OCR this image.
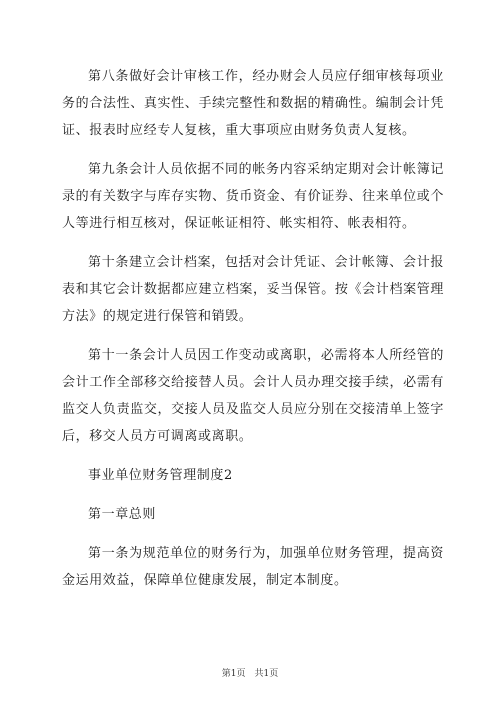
第八条做好会计审核工作，经办财会人员应仔细审核每项业务的合法性、真实性、手续完整性和数据的精确性。编制会计凭证、报表时应经专人复核，重大事项应由财务负责人复核。

第九条会计人员依据不同的帐务内容采纳定期对会计帐簿记录的有关数字与库存实物、货币资金、有价证券、往来单位或个人等进行相互核对，保证帐证相符、帐实相符、帐表相符。

第十条建立会计档案，包括对会计凭证、会计帐簿、会计报表和其它会计数据都应建立档案，妥当保管。按《会计档案管理方法》的规定进行保管和销毁。

第十一条会计人员因工作变动或离职，必需将本人所经管的会计工作全部移交给接替人员。会计人员办理交接手续，必需有监交人负责监交，交接人员及监交人员应分别在交接清单上签字后，移交人员方可调离或离职。

事业单位财务管理制度2

第一章总则

第一条为规范单位的财务行为，加强单位财务管理，提高资金运用效益，保障单位健康发展，制定本制度。

第1页　共1页
